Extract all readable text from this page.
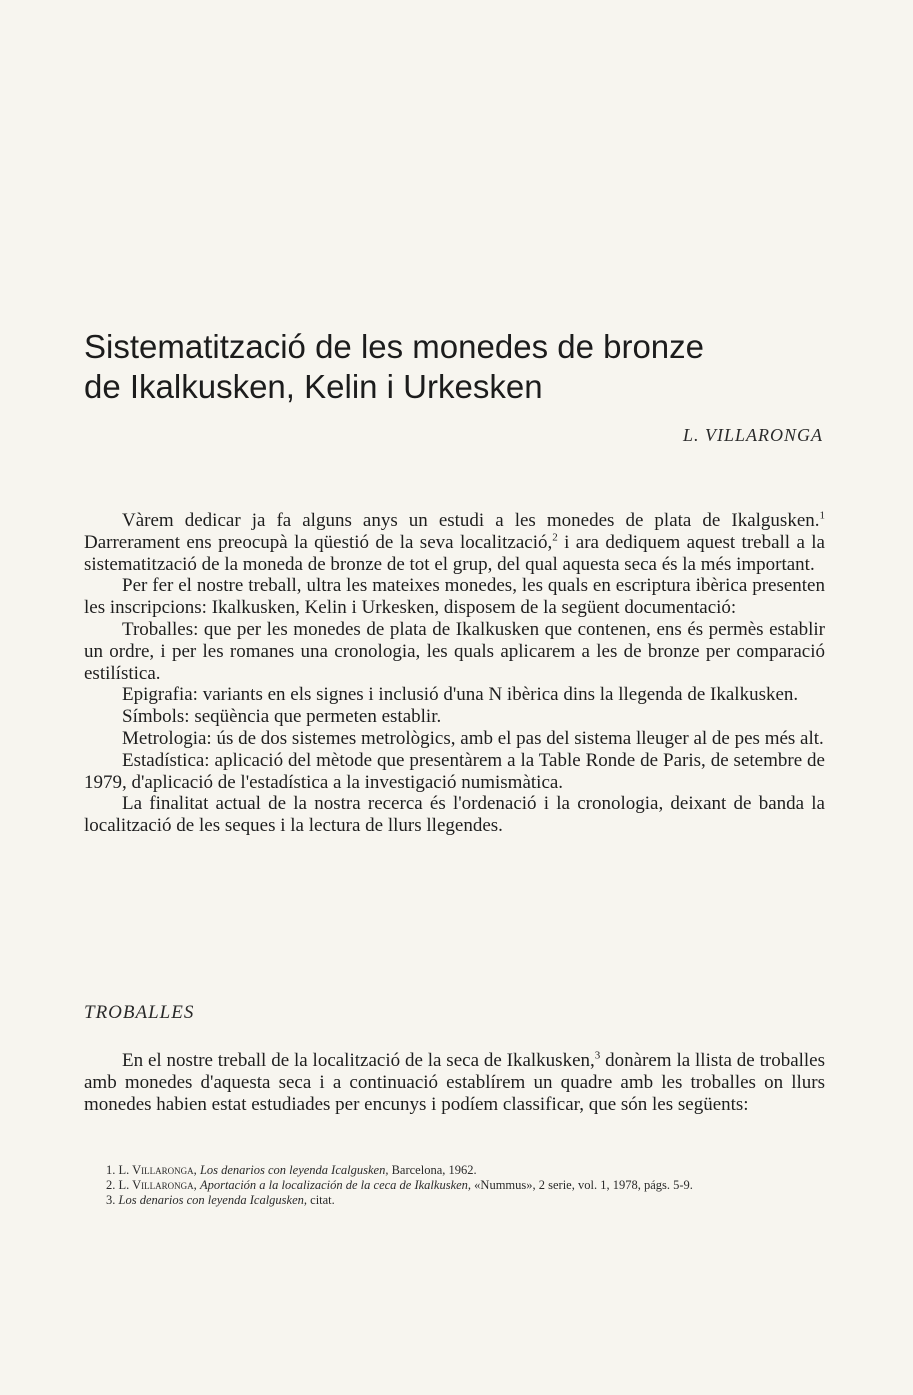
Sistematització de les monedes de bronze
de Ikalkusken, Kelin i Urkesken
L. VILLARONGA

Vàrem dedicar ja fa alguns anys un estudi a les monedes de plata de Ikalgusken.$^1$ Darrerament ens preocupà la qüestió de la seva localització,$^2$ i ara dediquem aquest treball a la sistematització de la moneda de bronze de tot el grup, del qual aquesta seca és la més important.

Per fer el nostre treball, ultra les mateixes monedes, les quals en escriptura ibèrica presenten les inscripcions: Ikalkusken, Kelin i Urkesken, disposem de la següent documentació:

Troballes: que per les monedes de plata de Ikalkusken que contenen, ens és permès establir un ordre, i per les romanes una cronologia, les quals aplicarem a les de bronze per comparació estilística.

Epigrafia: variants en els signes i inclusió d'una N ibèrica dins la llegenda de Ikalkusken.

Símbols: seqüència que permeten establir.

Metrologia: ús de dos sistemes metrològics, amb el pas del sistema lleuger al de pes més alt.

Estadística: aplicació del mètode que presentàrem a la Table Ronde de Paris, de setembre de 1979, d'aplicació de l'estadística a la investigació numismàtica.

La finalitat actual de la nostra recerca és l'ordenació i la cronologia, deixant de banda la localització de les seques i la lectura de llurs llegendes.

TROBALLES

En el nostre treball de la localització de la seca de Ikalkusken,$^3$ donàrem la llista de troballes amb monedes d'aquesta seca i a continuació establírem un quadre amb les troballes on llurs monedes habien estat estudiades per encunys i podíem classificar, que són les següents:

1. L. Villaronga, Los denarios con leyenda Icalgusken, Barcelona, 1962.

2. L. Villaronga, Aportación a la localización de la ceca de Ikalkusken, «Nummus», 2 serie, vol. 1, 1978, págs. 5-9.

3. Los denarios con leyenda Icalgusken, citat.
